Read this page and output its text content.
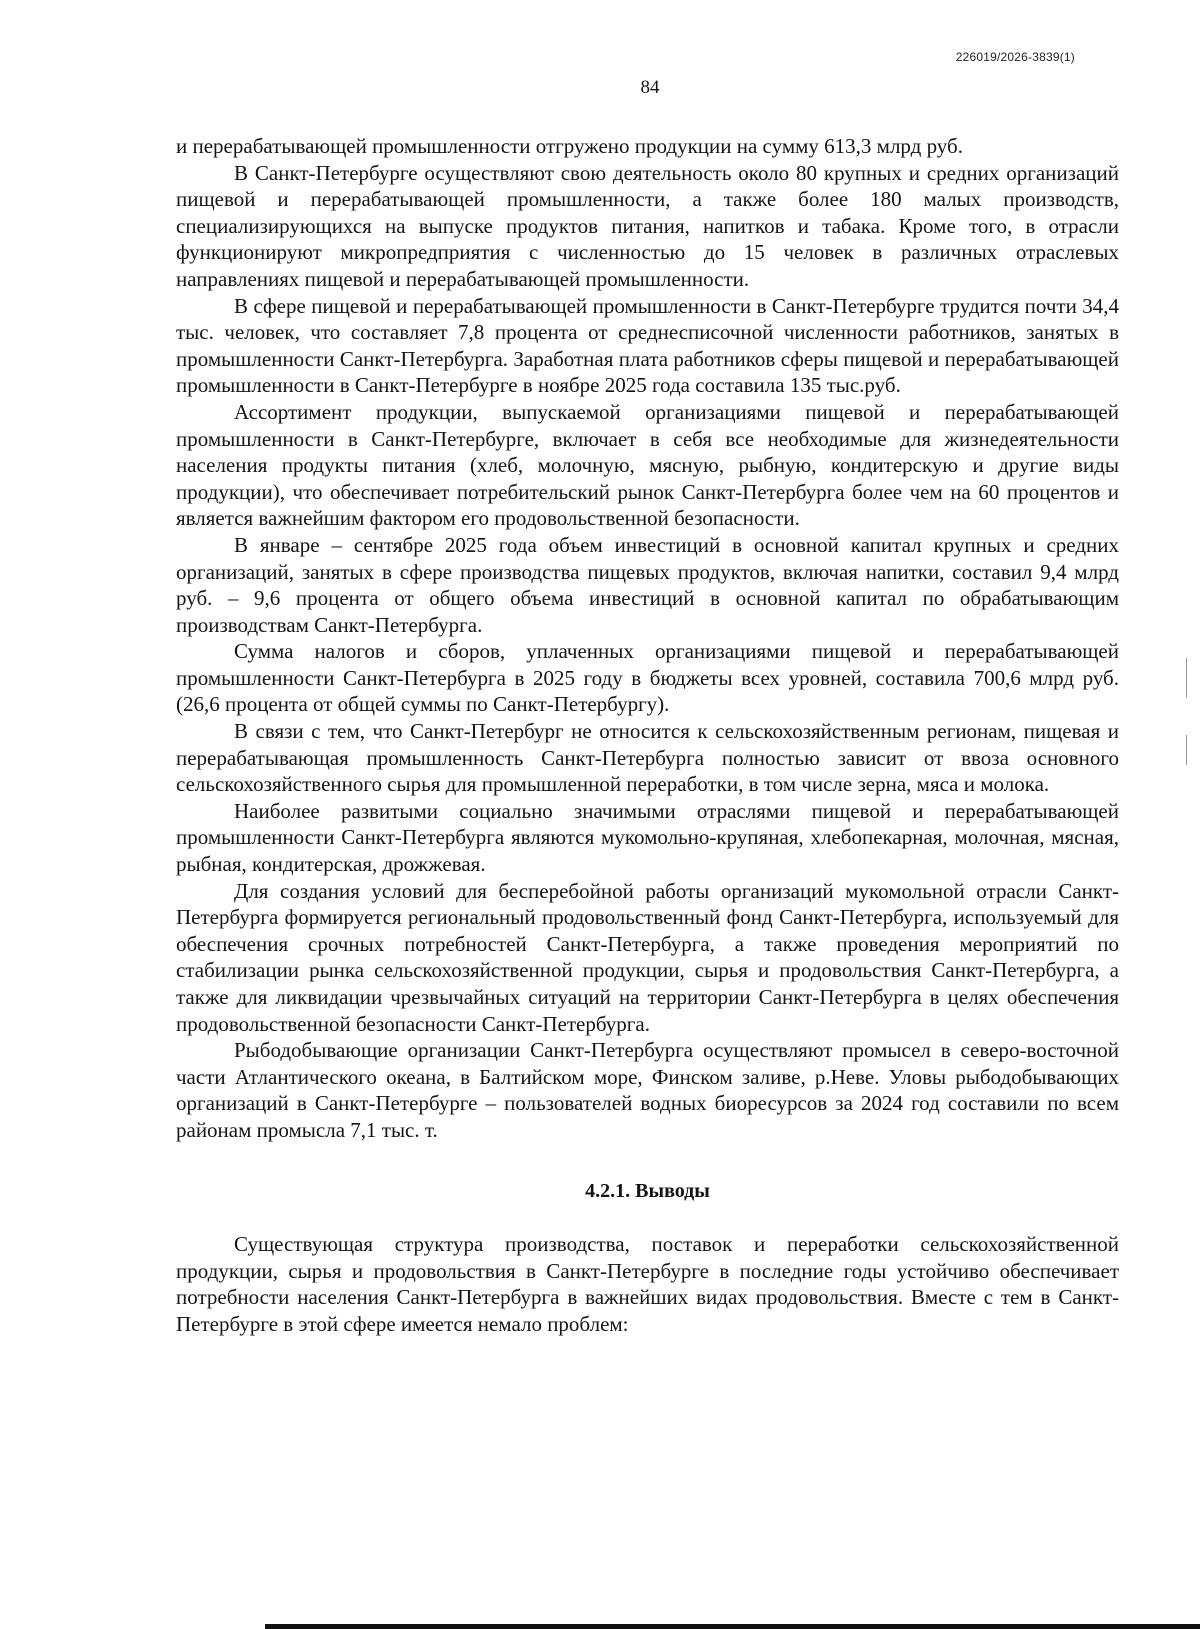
226019/2026-3839(1)
84

и перерабатывающей промышленности отгружено продукции на сумму 613,3 млрд руб.

В Санкт-Петербурге осуществляют свою деятельность около 80 крупных и средних организаций пищевой и перерабатывающей промышленности, а также более 180 малых производств, специализирующихся на выпуске продуктов питания, напитков и табака. Кроме того, в отрасли функционируют микропредприятия с численностью до 15 человек в различных отраслевых направлениях пищевой и перерабатывающей промышленности.

В сфере пищевой и перерабатывающей промышленности в Санкт-Петербурге трудится почти 34,4 тыс. человек, что составляет 7,8 процента от среднесписочной численности работников, занятых в промышленности Санкт-Петербурга. Заработная плата работников сферы пищевой и перерабатывающей промышленности в Санкт-Петербурге в ноябре 2025 года составила 135 тыс.руб.

Ассортимент продукции, выпускаемой организациями пищевой и перерабатывающей промышленности в Санкт-Петербурге, включает в себя все необходимые для жизнедеятельности населения продукты питания (хлеб, молочную, мясную, рыбную, кондитерскую и другие виды продукции), что обеспечивает потребительский рынок Санкт-Петербурга более чем на 60 процентов и является важнейшим фактором его продовольственной безопасности.

В январе – сентябре 2025 года объем инвестиций в основной капитал крупных и средних организаций, занятых в сфере производства пищевых продуктов, включая напитки, составил 9,4 млрд руб. – 9,6 процента от общего объема инвестиций в основной капитал по обрабатывающим производствам Санкт-Петербурга.

Сумма налогов и сборов, уплаченных организациями пищевой и перерабатывающей промышленности Санкт-Петербурга в 2025 году в бюджеты всех уровней, составила 700,6 млрд руб. (26,6 процента от общей суммы по Санкт-Петербургу).

В связи с тем, что Санкт-Петербург не относится к сельскохозяйственным регионам, пищевая и перерабатывающая промышленность Санкт-Петербурга полностью зависит от ввоза основного сельскохозяйственного сырья для промышленной переработки, в том числе зерна, мяса и молока.

Наиболее развитыми социально значимыми отраслями пищевой и перерабатывающей промышленности Санкт-Петербурга являются мукомольно-крупяная, хлебопекарная, молочная, мясная, рыбная, кондитерская, дрожжевая.

Для создания условий для бесперебойной работы организаций мукомольной отрасли Санкт-Петербурга формируется региональный продовольственный фонд Санкт-Петербурга, используемый для обеспечения срочных потребностей Санкт-Петербурга, а также проведения мероприятий по стабилизации рынка сельскохозяйственной продукции, сырья и продовольствия Санкт-Петербурга, а также для ликвидации чрезвычайных ситуаций на территории Санкт-Петербурга в целях обеспечения продовольственной безопасности Санкт-Петербурга.

Рыбодобывающие организации Санкт-Петербурга осуществляют промысел в северо-восточной части Атлантического океана, в Балтийском море, Финском заливе, р.Неве. Уловы рыбодобывающих организаций в Санкт-Петербурге – пользователей водных биоресурсов за 2024 год составили по всем районам промысла 7,1 тыс. т.

4.2.1. Выводы

Существующая структура производства, поставок и переработки сельскохозяйственной продукции, сырья и продовольствия в Санкт-Петербурге в последние годы устойчиво обеспечивает потребности населения Санкт-Петербурга в важнейших видах продовольствия. Вместе с тем в Санкт-Петербурге в этой сфере имеется немало проблем:
